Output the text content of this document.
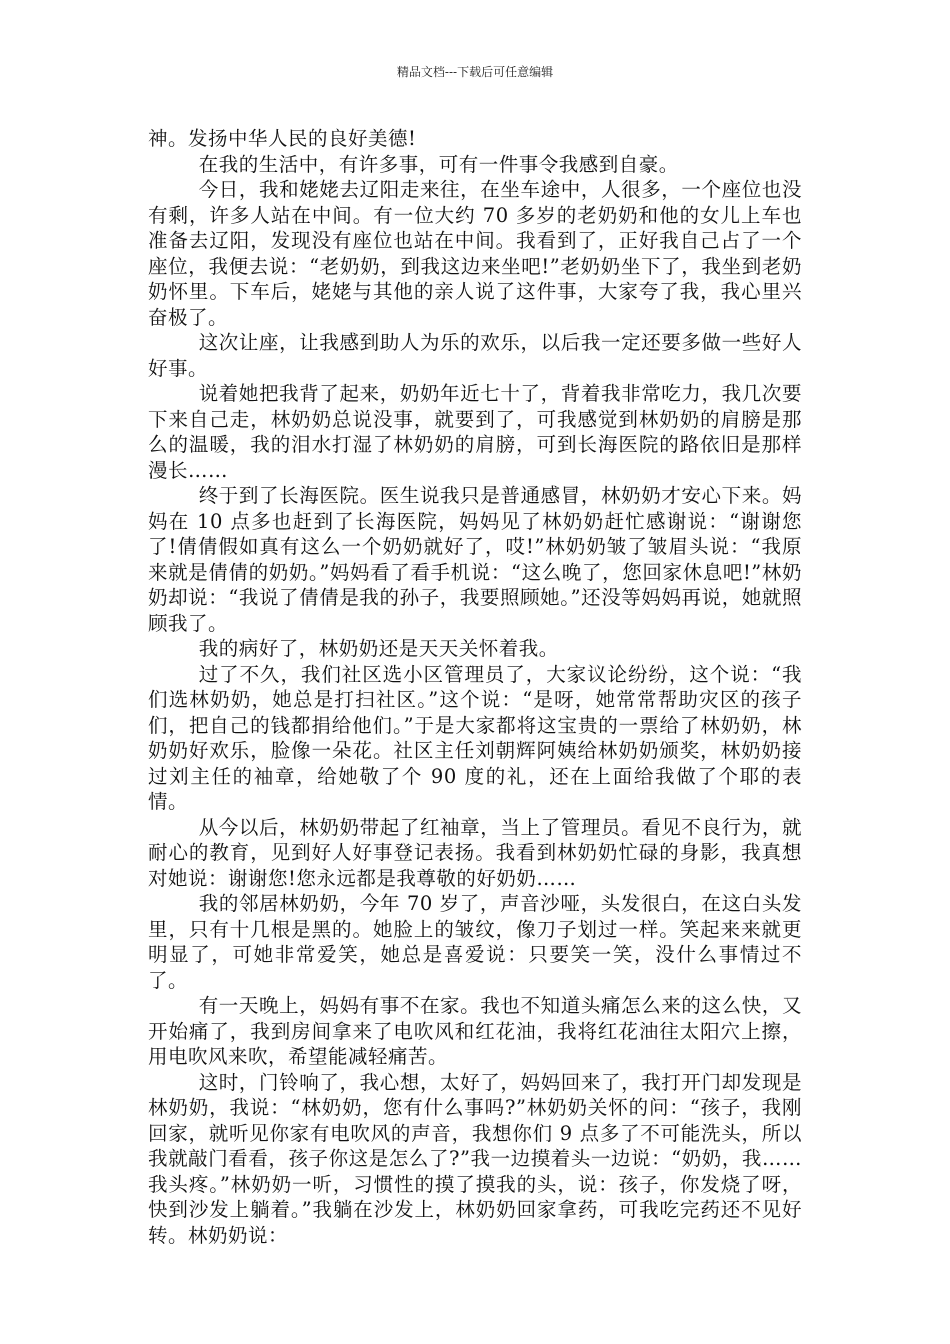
精品文档---下载后可任意编辑

神。发扬中华人民的良好美德!

在我的生活中，有许多事，可有一件事令我感到自豪。

今日，我和姥姥去辽阳走来往，在坐车途中，人很多，一个座位也没有剩，许多人站在中间。有一位大约 70 多岁的老奶奶和他的女儿上车也准备去辽阳，发现没有座位也站在中间。我看到了，正好我自己占了一个座位，我便去说：“老奶奶，到我这边来坐吧!”老奶奶坐下了，我坐到老奶奶怀里。下车后，姥姥与其他的亲人说了这件事，大家夸了我，我心里兴奋极了。

这次让座，让我感到助人为乐的欢乐，以后我一定还要多做一些好人好事。

说着她把我背了起来，奶奶年近七十了，背着我非常吃力，我几次要下来自己走，林奶奶总说没事，就要到了，可我感觉到林奶奶的肩膀是那么的温暖，我的泪水打湿了林奶奶的肩膀，可到长海医院的路依旧是那样漫长……

终于到了长海医院。医生说我只是普通感冒，林奶奶才安心下来。妈妈在 10 点多也赶到了长海医院，妈妈见了林奶奶赶忙感谢说：“谢谢您了!倩倩假如真有这么一个奶奶就好了，哎!”林奶奶皱了皱眉头说：“我原来就是倩倩的奶奶。”妈妈看了看手机说：“这么晚了，您回家休息吧!”林奶奶却说：“我说了倩倩是我的孙子，我要照顾她。”还没等妈妈再说，她就照顾我了。

我的病好了，林奶奶还是天天关怀着我。

过了不久，我们社区选小区管理员了，大家议论纷纷，这个说：“我们选林奶奶，她总是打扫社区。”这个说：“是呀，她常常帮助灾区的孩子们，把自己的钱都捐给他们。”于是大家都将这宝贵的一票给了林奶奶，林奶奶好欢乐，脸像一朵花。社区主任刘朝辉阿姨给林奶奶颁奖，林奶奶接过刘主任的袖章，给她敬了个 90 度的礼，还在上面给我做了个耶的表情。

从今以后，林奶奶带起了红袖章，当上了管理员。看见不良行为，就耐心的教育，见到好人好事登记表扬。我看到林奶奶忙碌的身影，我真想对她说：谢谢您!您永远都是我尊敬的好奶奶……

我的邻居林奶奶，今年 70 岁了，声音沙哑，头发很白，在这白头发里，只有十几根是黑的。她脸上的皱纹，像刀子划过一样。笑起来来就更明显了，可她非常爱笑，她总是喜爱说：只要笑一笑，没什么事情过不了。

有一天晚上，妈妈有事不在家。我也不知道头痛怎么来的这么快，又开始痛了，我到房间拿来了电吹风和红花油，我将红花油往太阳穴上擦，用电吹风来吹，希望能减轻痛苦。

这时，门铃响了，我心想，太好了，妈妈回来了，我打开门却发现是林奶奶，我说：“林奶奶，您有什么事吗?”林奶奶关怀的问：“孩子，我刚回家，就听见你家有电吹风的声音，我想你们 9 点多了不可能洗头，所以我就敲门看看，孩子你这是怎么了?”我一边摸着头一边说：“奶奶，我……我头疼。”林奶奶一听，习惯性的摸了摸我的头，说：孩子，你发烧了呀，快到沙发上躺着。”我躺在沙发上，林奶奶回家拿药，可我吃完药还不见好转。林奶奶说：
